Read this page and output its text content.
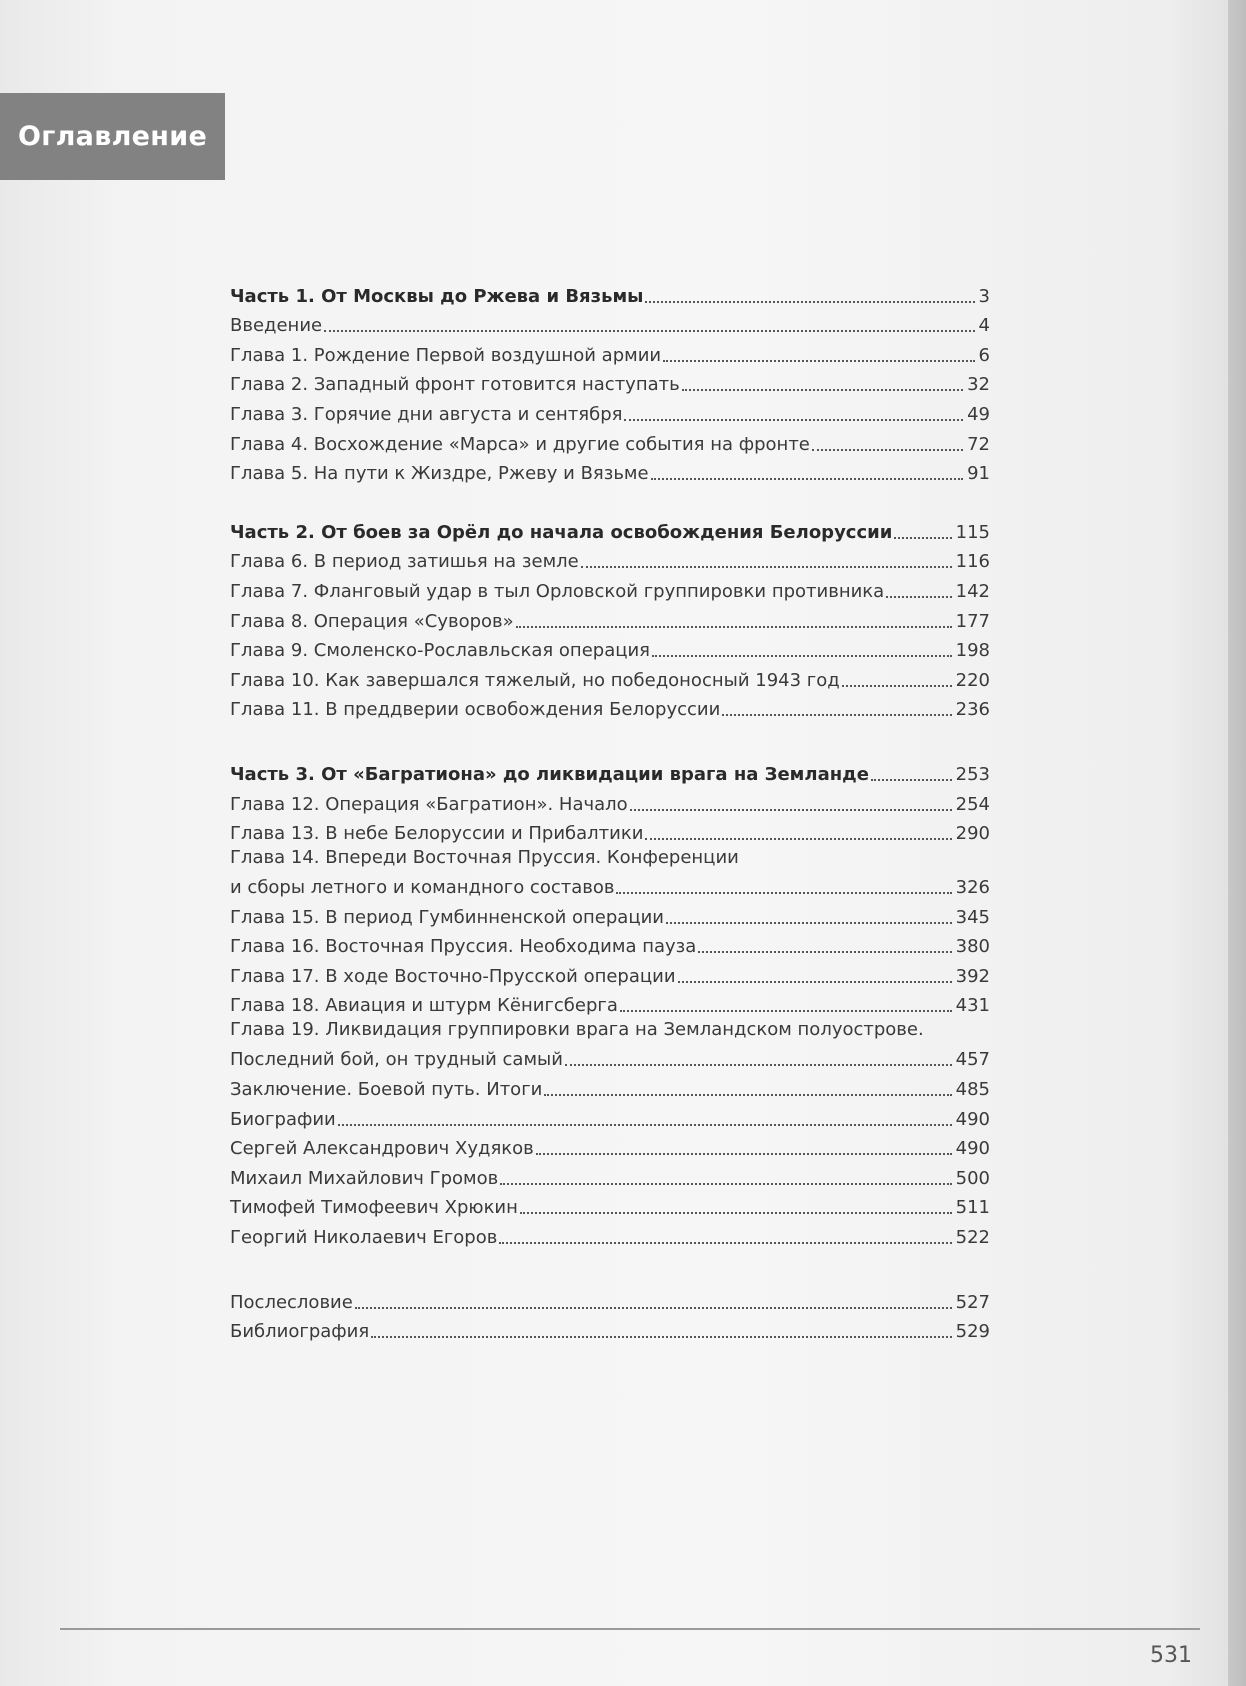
Оглавление
Часть 1. От Москвы до Ржева и Вязьмы	3
Введение	4
Глава 1. Рождение Первой воздушной армии	6
Глава 2. Западный фронт готовится наступать	32
Глава 3. Горячие дни августа и сентября	49
Глава 4. Восхождение «Марса» и другие события на фронте	72
Глава 5. На пути к Жиздре, Ржеву и Вязьме	91
Часть 2. От боев за Орёл до начала освобождения Белоруссии	115
Глава 6. В период затишья на земле	116
Глава 7. Фланговый удар в тыл Орловской группировки противника	142
Глава 8. Операция «Суворов»	177
Глава 9. Смоленско-Рославльская операция	198
Глава 10. Как завершался тяжелый, но победоносный 1943 год	220
Глава 11. В преддверии освобождения Белоруссии	236
Часть 3. От «Багратиона» до ликвидации врага на Земланде	253
Глава 12. Операция «Багратион». Начало	254
Глава 13. В небе Белоруссии и Прибалтики	290
Глава 14. Впереди Восточная Пруссия. Конференции
и сборы летного и командного составов	326
Глава 15. В период Гумбинненской операции	345
Глава 16. Восточная Пруссия. Необходима пауза	380
Глава 17. В ходе Восточно-Прусской операции	392
Глава 18. Авиация и штурм Кёнигсберга	431
Глава 19. Ликвидация группировки врага на Земландском полуострове.
Последний бой, он трудный самый	457
Заключение. Боевой путь. Итоги	485
Биографии	490
Сергей Александрович Худяков	490
Михаил Михайлович Громов	500
Тимофей Тимофеевич Хрюкин	511
Георгий Николаевич Егоров	522
Послесловие	527
Библиография	529
531
